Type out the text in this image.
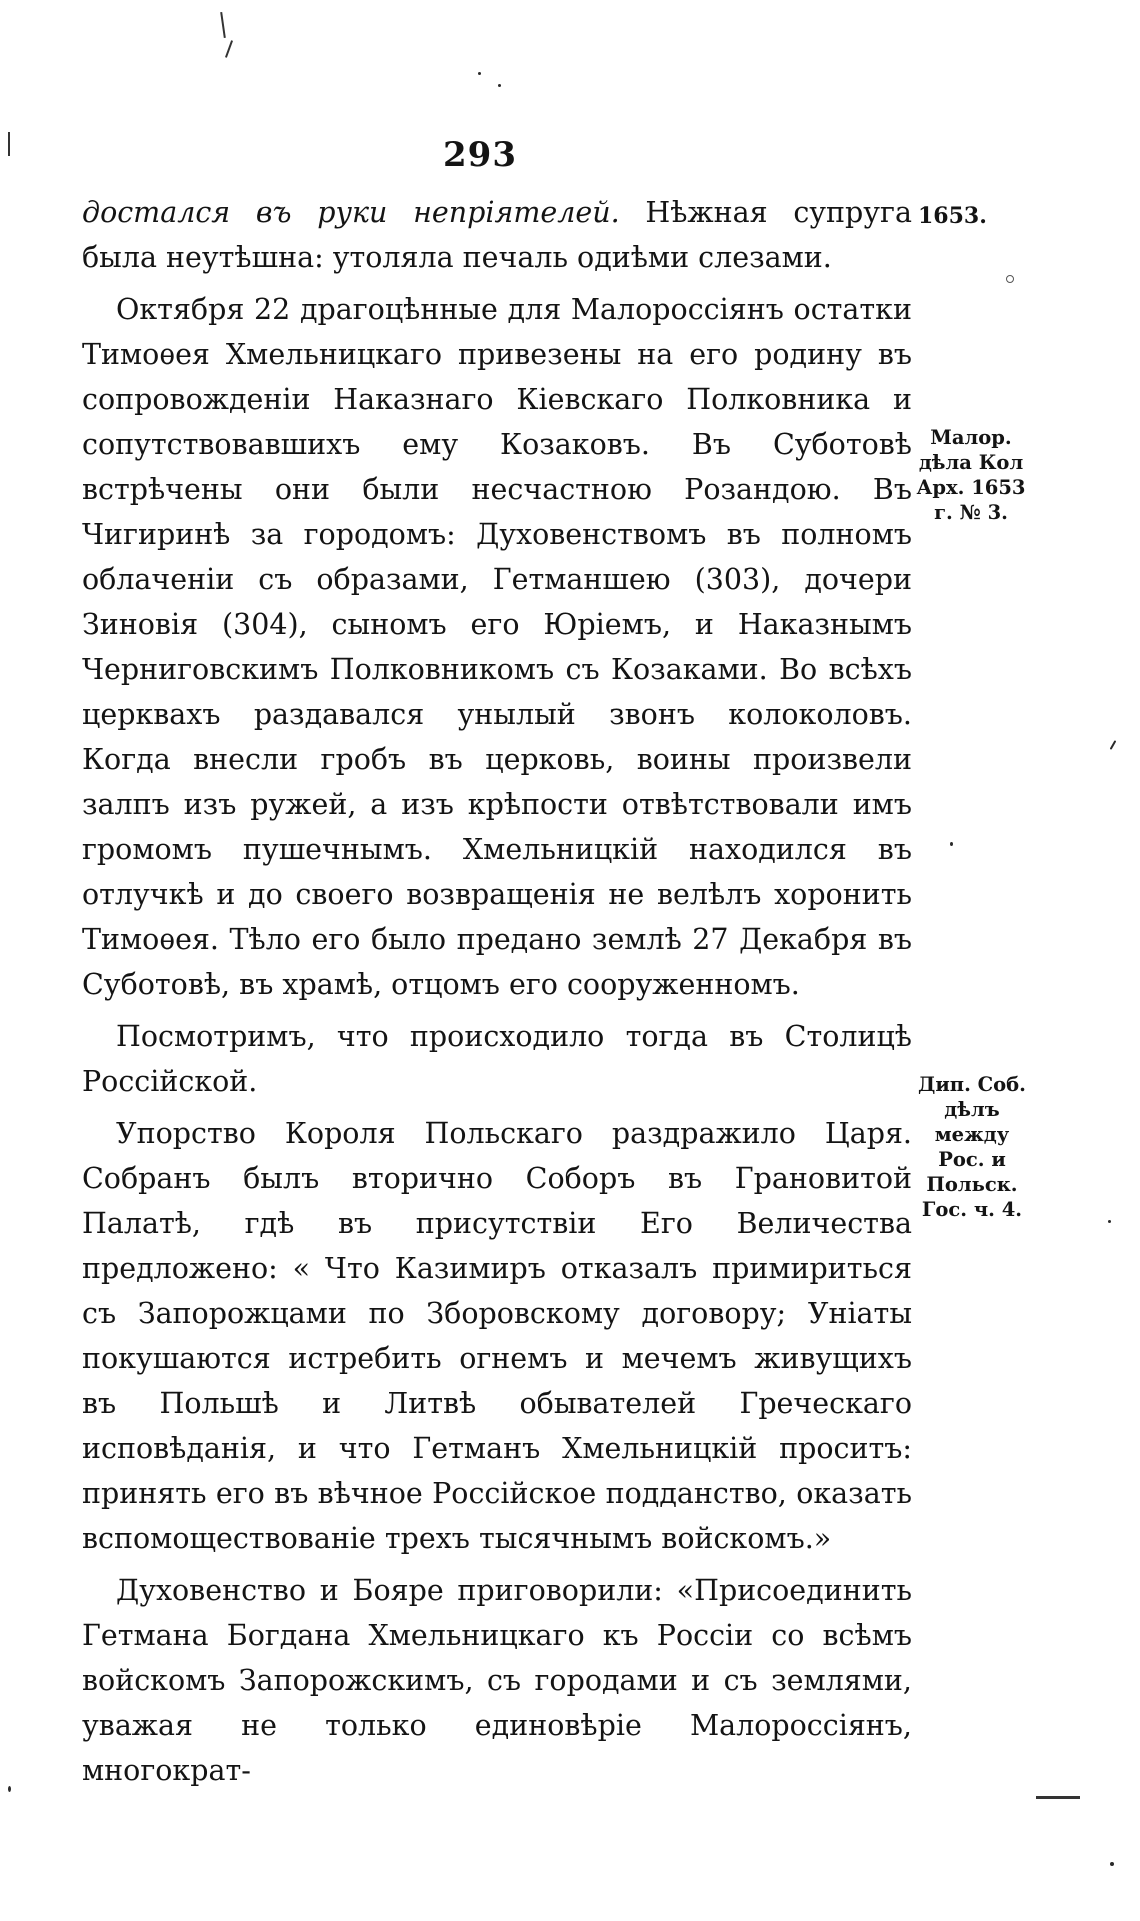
293

достался въ руки непріятелей. Нѣжная супруга была неутѣшна: утоляла печаль одиѣми слезами.

Октября 22 драгоцѣнные для Малороссіянъ остатки Тимоѳея Хмельницкаго привезены на его родину въ сопровожденіи Наказнаго Кіевскаго Полковника и сопутствовавшихъ ему Козаковъ. Въ Суботовѣ встрѣчены они были несчастною Розандою. Въ Чигиринѣ за городомъ: Духовенствомъ въ полномъ облаченіи съ образами, Гетманшею (303), дочери Зиновія (304), сыномъ его Юріемъ, и Наказнымъ Черниговскимъ Полковникомъ съ Козаками. Во всѣхъ церквахъ раздавался унылый звонъ колоколовъ. Когда внесли гробъ въ церковь, воины произвели залпъ изъ ружей, а изъ крѣпости отвѣтствовали имъ громомъ пушечнымъ. Хмельницкій находился въ отлучкѣ и до своего возвращенія не велѣлъ хоронить Тимоѳея. Тѣло его было предано землѣ 27 Декабря въ Суботовѣ, въ храмѣ, отцомъ его сооруженномъ.

Посмотримъ, что происходило тогда въ Столицѣ Россійской.

Упорство Короля Польскаго раздражило Царя. Собранъ былъ вторично Соборъ въ Грановитой Палатѣ, гдѣ въ присутствіи Его Величества предложено: « Что Казимиръ отказалъ примириться съ Запорожцами по Зборовскому договору; Уніаты покушаются истребить огнемъ и мечемъ живущихъ въ Польшѣ и Литвѣ обывателей Греческаго исповѣданія, и что Гетманъ Хмельницкій проситъ: принять его въ вѣчное Россійское подданство, оказать вспомоществованіе трехъ тысячнымъ войскомъ.»

Духовенство и Бояре приговорили: «Присоединить Гетмана Богдана Хмельницкаго къ Россіи со всѣмъ войскомъ Запорожскимъ, съ городами и съ землями, уважая не только единовѣріе Малороссіянъ, многократ-

1653.
Малор.
дѣла Кол
Арх. 1653
г. № 3.
Дип. Соб.
дѣлъ
между
Рос. и
Польск.
Гос. ч. 4.
